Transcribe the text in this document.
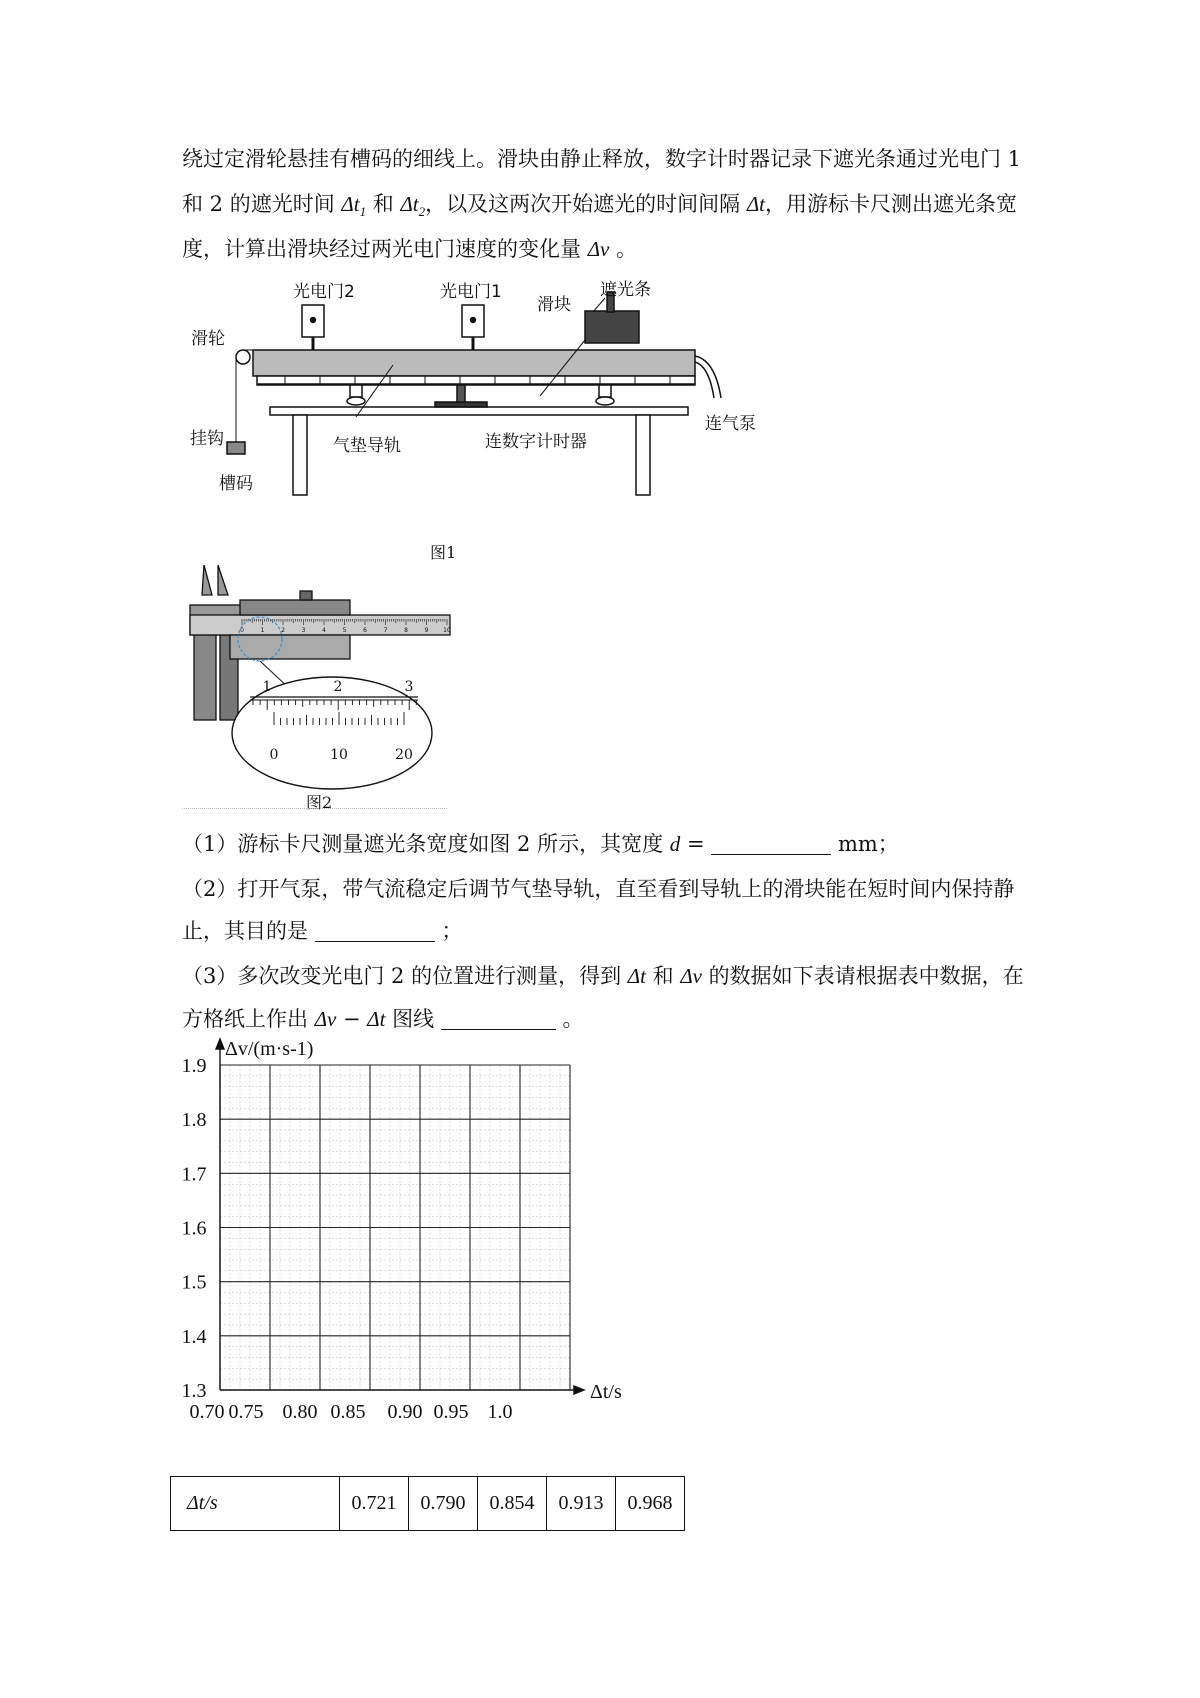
绕过定滑轮悬挂有槽码的细线上。滑块由静止释放，数字计时器记录下遮光条通过光电门 1

和 2 的遮光时间 $\Delta t_1$ 和 $\Delta t_2$，以及这两次开始遮光的时间间隔 Δt，用游标卡尺测出遮光条宽

度，计算出滑块经过两光电门速度的变化量 Δv 。

光电门2	光电门1
滑块
遮光条
滑轮
挂钩
槽码
气垫导轨	连数字计时器
连气泵
图1
0	1	2	3	4	5	6	7	8	9 10
1	2	3
0	10	20
图2

（1）游标卡尺测量遮光条宽度如图 2 所示，其宽度 d =	mm；

（2）打开气泵，带气流稳定后调节气垫导轨，直至看到导轨上的滑块能在短时间内保持静

止，其目的是	；

（3）多次改变光电门 2 的位置进行测量，得到 Δt 和 Δv 的数据如下表请根据表中数据，在

方格纸上作出 Δv − Δt 图线	。

0.70 0.75 0.80 0.85 0.90 0.95 1.0
1.3
1.4
1.5
1.6
1.7
1.8
1.9
Δv/(m·s-1)
Δt/s
Δt/s	0.721	0.790	0.854	0.913	0.968
